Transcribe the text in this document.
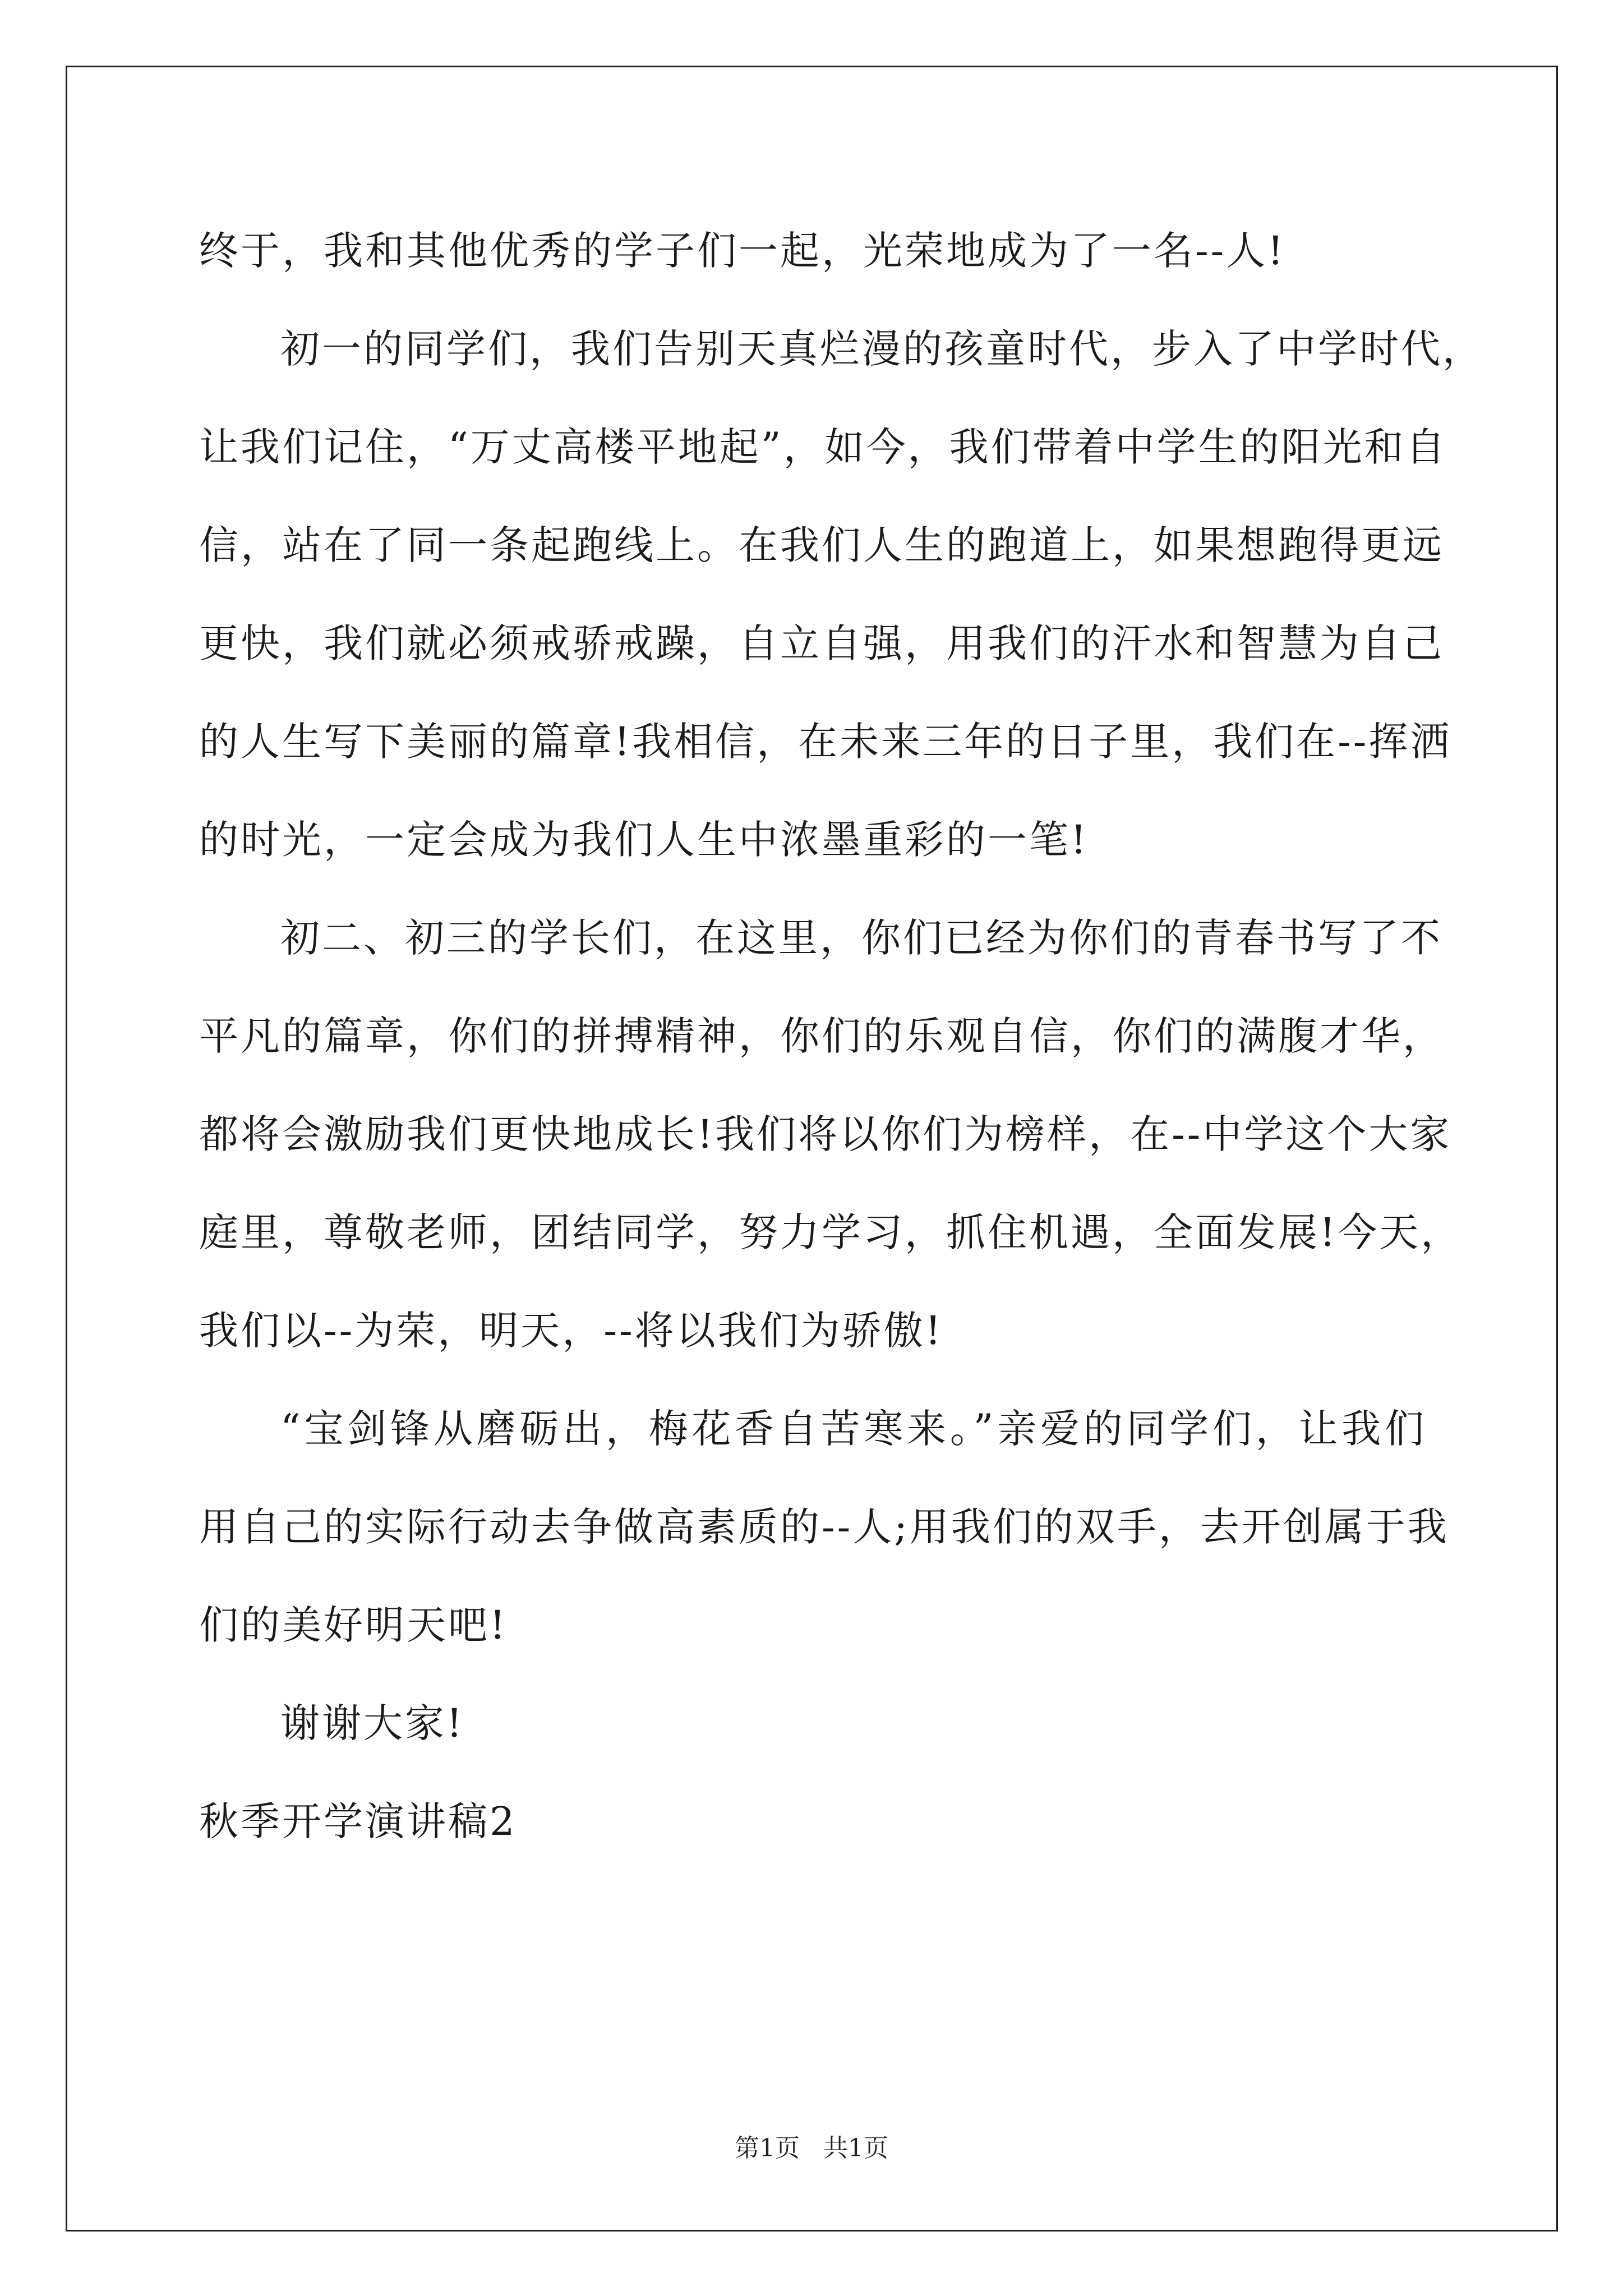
终于，我和其他优秀的学子们一起，光荣地成为了一名--人!
初一的同学们，我们告别天真烂漫的孩童时代，步入了中学时代，
让我们记住，“万丈高楼平地起”，如今，我们带着中学生的阳光和自
信，站在了同一条起跑线上。在我们人生的跑道上，如果想跑得更远
更快，我们就必须戒骄戒躁，自立自强，用我们的汗水和智慧为自己
的人生写下美丽的篇章!我相信，在未来三年的日子里，我们在--挥洒
的时光，一定会成为我们人生中浓墨重彩的一笔!
初二、初三的学长们，在这里，你们已经为你们的青春书写了不
平凡的篇章，你们的拼搏精神，你们的乐观自信，你们的满腹才华，
都将会激励我们更快地成长!我们将以你们为榜样，在--中学这个大家
庭里，尊敬老师，团结同学，努力学习，抓住机遇，全面发展!今天，
我们以--为荣，明天，--将以我们为骄傲!
“宝剑锋从磨砺出，梅花香自苦寒来。”亲爱的同学们，让我们
用自己的实际行动去争做高素质的--人;用我们的双手，去开创属于我
们的美好明天吧!
谢谢大家!
秋季开学演讲稿2
第1页 共1页
